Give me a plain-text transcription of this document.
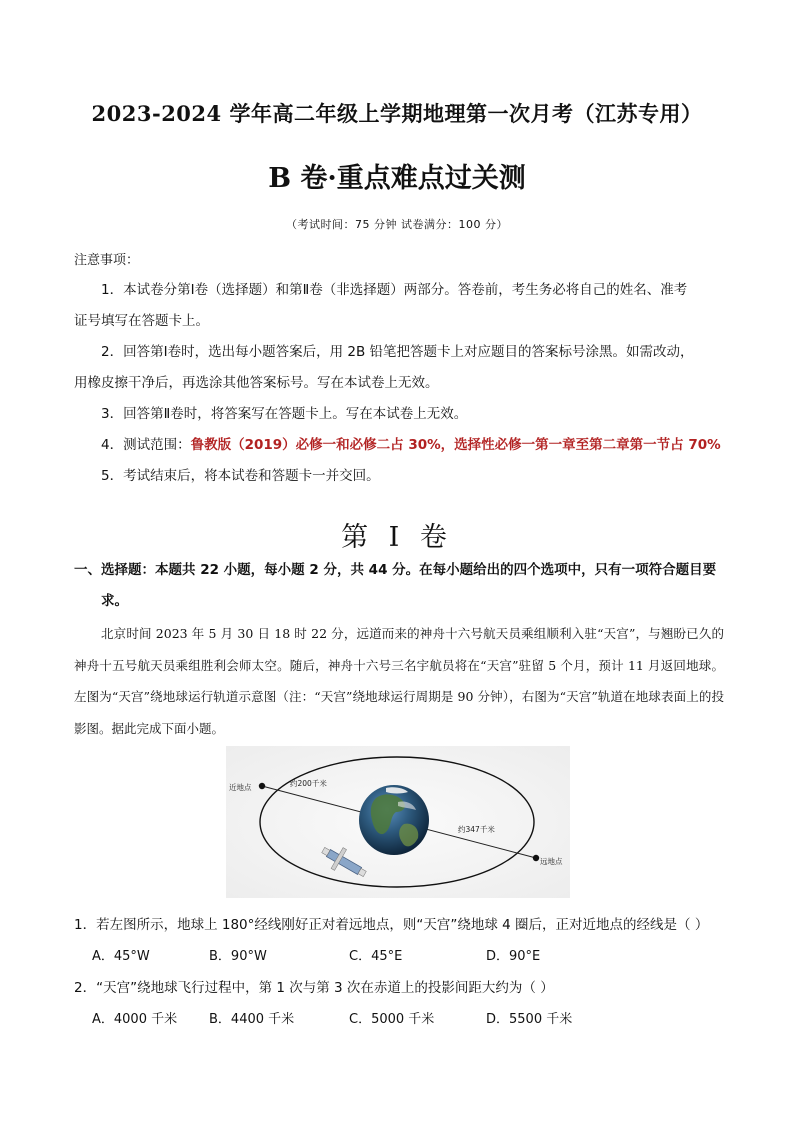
2023-2024 学年高二年级上学期地理第一次月考（江苏专用）
B 卷·重点难点过关测
（考试时间：75 分钟 试卷满分：100 分）
注意事项：

1．本试卷分第Ⅰ卷（选择题）和第Ⅱ卷（非选择题）两部分。答卷前，考生务必将自己的姓名、准考

证号填写在答题卡上。

2．回答第Ⅰ卷时，选出每小题答案后，用 2B 铅笔把答题卡上对应题目的答案标号涂黑。如需改动，

用橡皮擦干净后，再选涂其他答案标号。写在本试卷上无效。

3．回答第Ⅱ卷时，将答案写在答题卡上。写在本试卷上无效。

4．测试范围：鲁教版（2019）必修一和必修二占 30%，选择性必修一第一章至第二章第一节占 70%

5．考试结束后，将本试卷和答题卡一并交回。

第 I 卷

一、选择题：本题共 22 小题，每小题 2 分，共 44 分。在每小题给出的四个选项中，只有一项符合题目要

求。

北京时间 2023 年 5 月 30 日 18 时 22 分，远道而来的神舟十六号航天员乘组顺利入驻“天宫”，与翘盼已久的神舟十五号航天员乘组胜利会师太空。随后，神舟十六号三名宇航员将在“天宫”驻留 5 个月，预计 11 月返回地球。左图为“天宫”绕地球运行轨道示意图（注：“天宫”绕地球运行周期是 90 分钟），右图为“天宫”轨道在地球表面上的投影图。据此完成下面小题。

近地点
远地点
约200千米
约347千米
1．若左图所示，地球上 180°经线刚好正对着远地点，则“天宫”绕地球 4 圈后，正对近地点的经线是（ ）
A．45°W	B．90°W	C．45°E	D．90°E
2．“天宫”绕地球飞行过程中，第 1 次与第 3 次在赤道上的投影间距大约为（ ）
A．4000 千米 B．4400 千米	C．5000 千米	D．5500 千米
